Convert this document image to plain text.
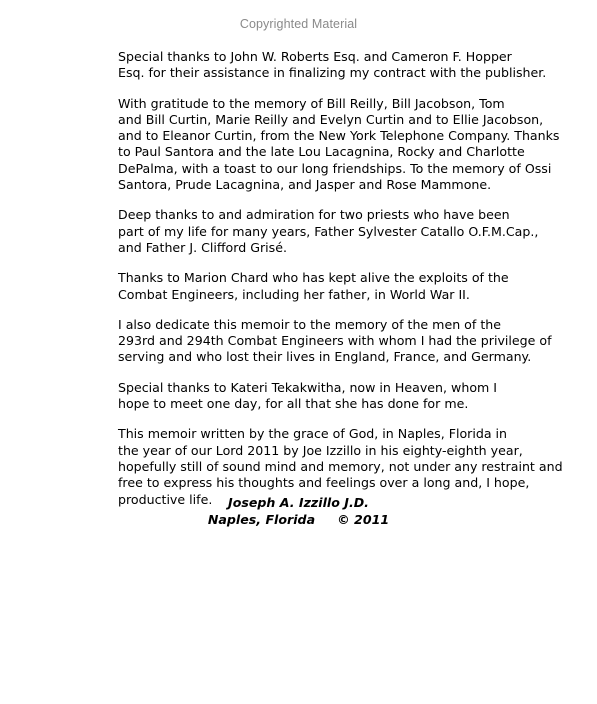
Copyrighted Material

Special thanks to John W. Roberts Esq. and Cameron F. Hopper
Esq. for their assistance in finalizing my contract with the publisher.

With gratitude to the memory of Bill Reilly, Bill Jacobson, Tom
and Bill Curtin, Marie Reilly and Evelyn Curtin and to Ellie Jacobson,
and to Eleanor Curtin, from the New York Telephone Company. Thanks
to Paul Santora and the late Lou Lacagnina, Rocky and Charlotte
DePalma, with a toast to our long friendships. To the memory of Ossi
Santora, Prude Lacagnina, and Jasper and Rose Mammone.

Deep thanks to and admiration for two priests who have been
part of my life for many years, Father Sylvester Catallo O.F.M.Cap.,
and Father J. Clifford Grisé.

Thanks to Marion Chard who has kept alive the exploits of the
Combat Engineers, including her father, in World War II.

I also dedicate this memoir to the memory of the men of the
293rd and 294th Combat Engineers with whom I had the privilege of
serving and who lost their lives in England, France, and Germany.

Special thanks to Kateri Tekakwitha, now in Heaven, whom I
hope to meet one day, for all that she has done for me.

This memoir written by the grace of God, in Naples, Florida in
the year of our Lord 2011 by Joe Izzillo in his eighty-eighth year,
hopefully still of sound mind and memory, not under any restraint and
free to express his thoughts and feelings over a long and, I hope,
productive life.	Joseph A. Izzillo J.D.
Naples, Florida © 2011
